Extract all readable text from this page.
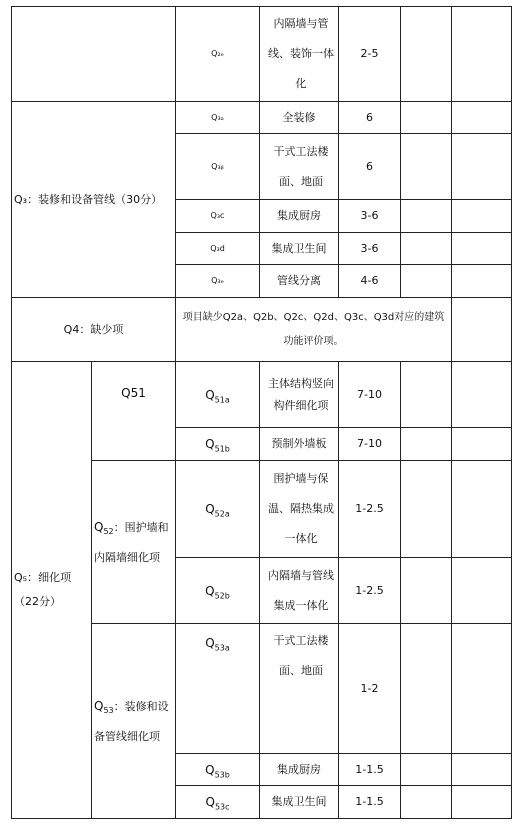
		Q₂ₑ	内隔墙与管线、装饰一体化	2-5		
Q₃：装修和设备管线（30分）		Q₃ₐ	全装修	6		
		Q₃ᵦ	干式工法楼面、地面	6		
		Q₃c	集成厨房	3-6		
		Q₃d	集成卫生间	3-6		
		Q₃ₑ	管线分离	4-6		
Q4：缺少项		项目缺少Q2a、Q2b、Q2c、Q2d、Q3c、Q3d对应的建筑功能评价项。				
Q₅：细化项（22分）	Q51	$Q_{51a}$	主体结构竖向构件细化项	7-10		
		$Q_{51b}$	预制外墙板	7-10		
	$Q_{52}$：围护墙和内隔墙细化项	$Q_{52a}$	围护墙与保温、隔热集成一体化	1-2.5		
		$Q_{52b}$	内隔墙与管线集成一体化	1-2.5		
	$Q_{53}$：装修和设备管线细化项	$Q_{53a}$	干式工法楼面、地面	1-2		
		$Q_{53b}$	集成厨房	1-1.5		
		$Q_{53c}$	集成卫生间	1-1.5		
